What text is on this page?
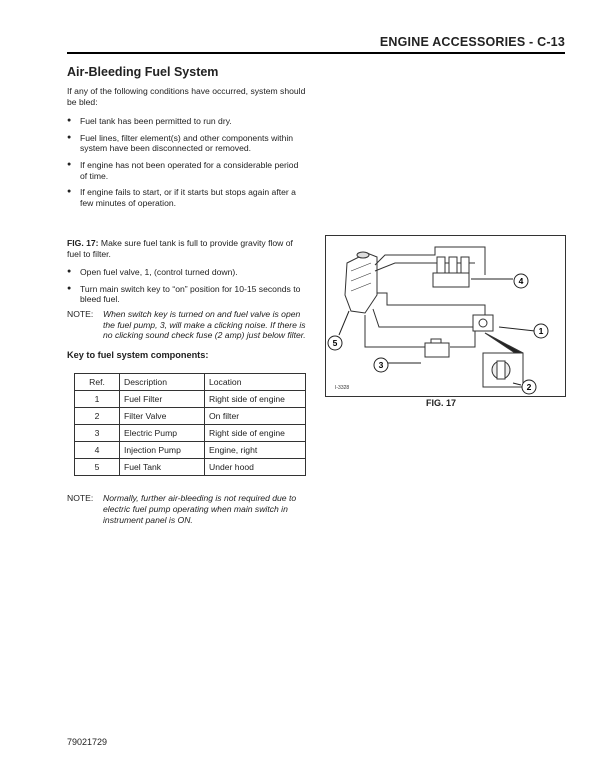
ENGINE ACCESSORIES - C-13
Air-Bleeding Fuel System

If any of the following conditions have occurred, system should be bled:

● Fuel tank has been permitted to run dry.
● Fuel lines, filter element(s) and other components within system have been disconnected or removed.
● If engine has not been operated for a considerable period of time.
● If engine fails to start, or if it starts but stops again after a few minutes of operation.

FIG. 17: Make sure fuel tank is full to provide gravity flow of fuel to filter.

● Open fuel valve, 1, (control turned down).
● Turn main switch key to “on” position for 10-15 seconds to bleed fuel.
NOTE:	When switch key is turned on and fuel valve is open the fuel pump, 3, will make a clicking noise. If there is no clicking sound check fuse (2 amp) just below filter.

Key to fuel system components:

Ref.	Description	Location
1	Fuel Filter	Right side of engine
2	Filter Valve	On filter
3	Electric Pump	Right side of engine
4	Injection Pump	Engine, right
5	Fuel Tank	Under hood
NOTE:	Normally, further air-bleeding is not required due to electric fuel pump operating when main switch in instrument panel is ON.
4
1
2
3
5
I-3328
FIG. 17
79021729
